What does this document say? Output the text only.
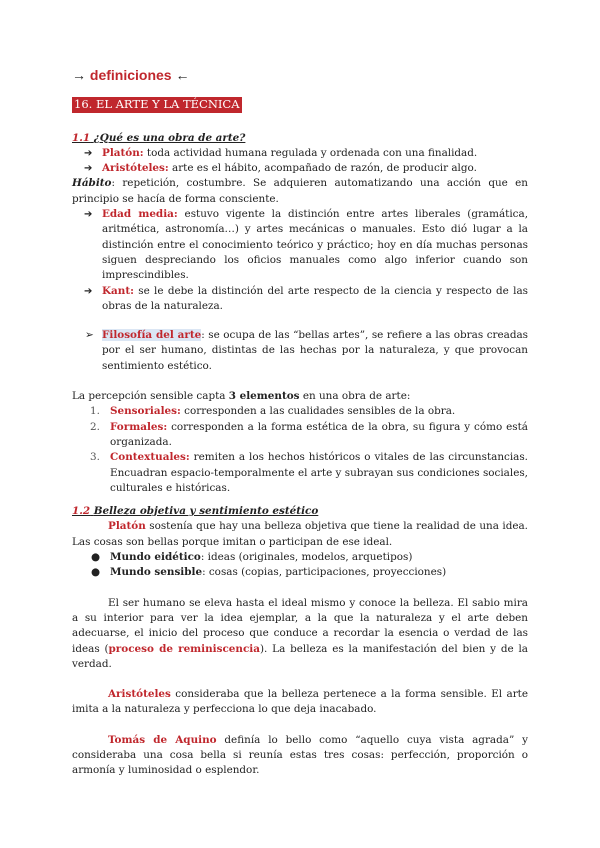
→ definiciones ←
16. EL ARTE Y LA TÉCNICA
1.1 ¿Qué es una obra de arte?
➔ Platón: toda actividad humana regulada y ordenada con una finalidad.
➔ Aristóteles: arte es el hábito, acompañado de razón, de producir algo.
Hábito: repetición, costumbre. Se adquieren automatizando una acción que en principio se hacía de forma consciente.
➔ Edad media: estuvo vigente la distinción entre artes liberales (gramática, aritmética, astronomía…) y artes mecánicas o manuales. Esto dió lugar a la distinción entre el conocimiento teórico y práctico; hoy en día muchas personas siguen despreciando los oficios manuales como algo inferior cuando son imprescindibles.
➔ Kant: se le debe la distinción del arte respecto de la ciencia y respecto de las obras de la naturaleza.
➢ Filosofía del arte: se ocupa de las “bellas artes”, se refiere a las obras creadas por el ser humano, distintas de las hechas por la naturaleza, y que provocan sentimiento estético.
La percepción sensible capta 3 elementos en una obra de arte:
1. Sensoriales: corresponden a las cualidades sensibles de la obra.
2. Formales: corresponden a la forma estética de la obra, su figura y cómo está organizada.
3. Contextuales: remiten a los hechos históricos o vitales de las circunstancias. Encuadran espacio-temporalmente el arte y subrayan sus condiciones sociales, culturales e históricas.
1.2 Belleza objetiva y sentimiento estético
Platón sostenía que hay una belleza objetiva que tiene la realidad de una idea. Las cosas son bellas porque imitan o participan de ese ideal.
● Mundo eidético: ideas (originales, modelos, arquetipos)
● Mundo sensible: cosas (copias, participaciones, proyecciones)
El ser humano se eleva hasta el ideal mismo y conoce la belleza. El sabio mira a su interior para ver la idea ejemplar, a la que la naturaleza y el arte deben adecuarse, el inicio del proceso que conduce a recordar la esencia o verdad de las ideas (proceso de reminiscencia). La belleza es la manifestación del bien y de la verdad.
Aristóteles consideraba que la belleza pertenece a la forma sensible. El arte imita a la naturaleza y perfecciona lo que deja inacabado.
Tomás de Aquino definía lo bello como “aquello cuya vista agrada” y consideraba una cosa bella si reunía estas tres cosas: perfección, proporción o armonía y luminosidad o esplendor.
